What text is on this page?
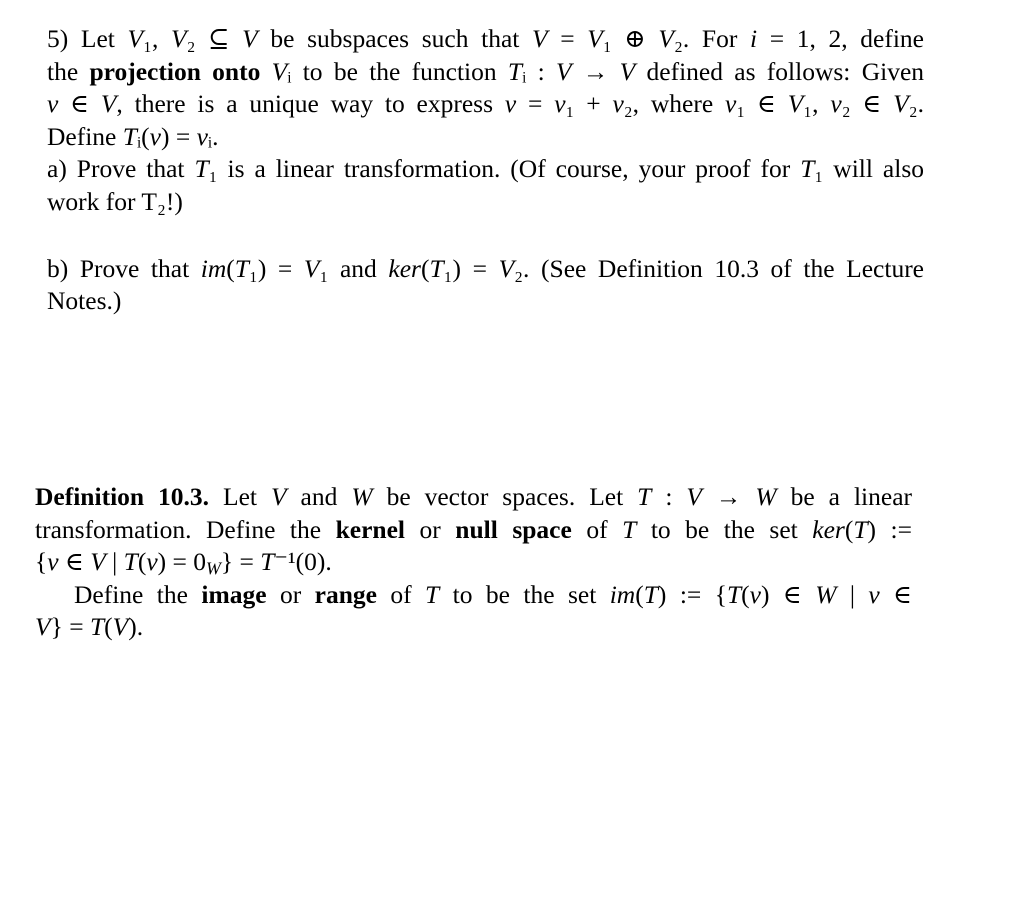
5) Let V₁, V₂ ⊆ V be subspaces such that V = V₁ ⊕ V₂. For i = 1, 2, define
the projection onto Vᵢ to be the function Tᵢ : V → V defined as follows: Given
v ∈ V, there is a unique way to express v = v₁ + v₂, where v₁ ∈ V₁, v₂ ∈ V₂.
Define Tᵢ(v) = vᵢ.
a) Prove that T₁ is a linear transformation. (Of course, your proof for T₁ will also
work for T₂!)
b) Prove that im(T₁) = V₁ and ker(T₁) = V₂. (See Definition 10.3 of the Lecture
Notes.)
Definition 10.3. Let V and W be vector spaces. Let T : V → W be a linear
transformation. Define the kernel or null space of T to be the set ker(T) :=
{v ∈ V | $T(v) = 0_W\} = T^{-1}(0)$.
Define the image or range of T to be the set im(T) := {T(v) ∈ W | v ∈
V} = T(V).
